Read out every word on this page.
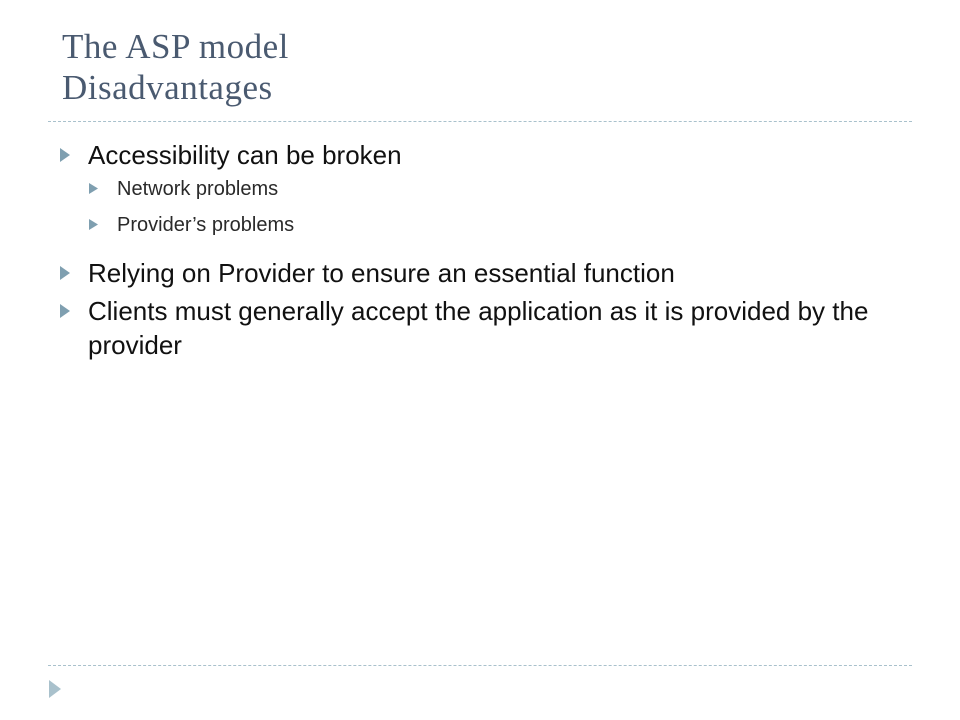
The ASP model
Disadvantages
Accessibility can be broken
Network problems
Provider’s problems
Relying on Provider to ensure an essential function
Clients must generally accept the application as it is provided by the provider
